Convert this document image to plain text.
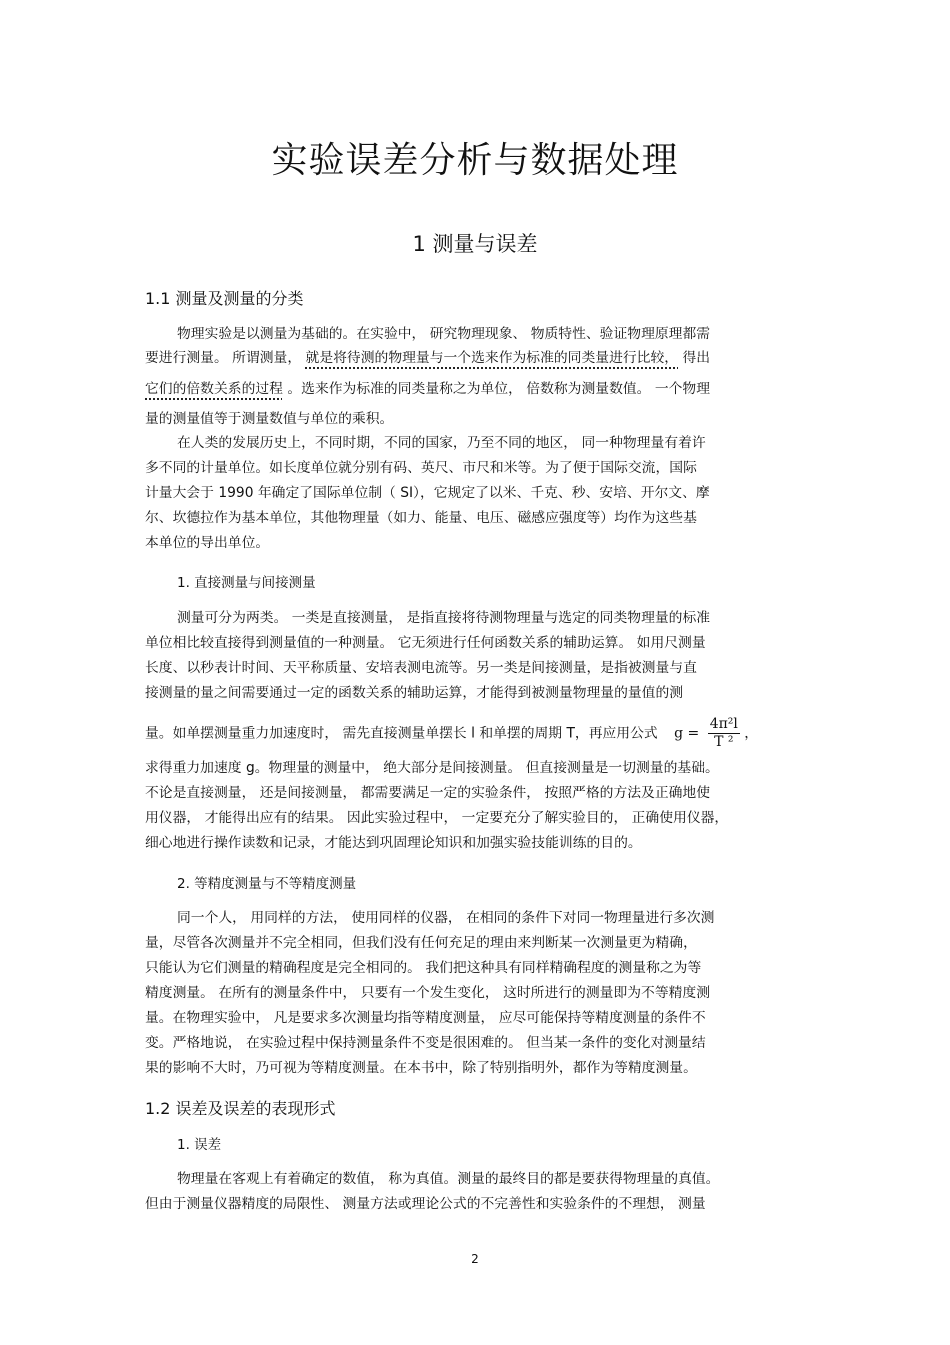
实验误差分析与数据处理
1 测量与误差
1.1 测量及测量的分类
物理实验是以测量为基础的。在实验中， 研究物理现象、 物质特性、验证物理原理都需
要进行测量。 所谓测量， 就是将待测的物理量与一个选来作为标准的同类量进行比较， 得出
它们的倍数关系的过程 。选来作为标准的同类量称之为单位， 倍数称为测量数值。 一个物理
量的测量值等于测量数值与单位的乘积。
在人类的发展历史上，不同时期，不同的国家，乃至不同的地区， 同一种物理量有着许
多不同的计量单位。如长度单位就分别有码、英尺、市尺和米等。为了便于国际交流，国际
计量大会于 1990 年确定了国际单位制（ SI），它规定了以米、千克、秒、安培、开尔文、摩
尔、坎德拉作为基本单位，其他物理量（如力、能量、电压、磁感应强度等）均作为这些基
本单位的导出单位。
1. 直接测量与间接测量
测量可分为两类。 一类是直接测量， 是指直接将待测物理量与选定的同类物理量的标准
单位相比较直接得到测量值的一种测量。 它无须进行任何函数关系的辅助运算。 如用尺测量
长度、以秒表计时间、天平称质量、安培表测电流等。另一类是间接测量，是指被测量与直
接测量的量之间需要通过一定的函数关系的辅助运算，才能得到被测量物理量的量值的测
量。如单摆测量重力加速度时， 需先直接测量单摆长 l 和单摆的周期 T，再应用公式 $g = \frac{\text{4π²l}}{\text{T ²}}$ ，
求得重力加速度 g。物理量的测量中， 绝大部分是间接测量。 但直接测量是一切测量的基础。
不论是直接测量， 还是间接测量， 都需要满足一定的实验条件， 按照严格的方法及正确地使
用仪器， 才能得出应有的结果。 因此实验过程中， 一定要充分了解实验目的， 正确使用仪器，
细心地进行操作读数和记录，才能达到巩固理论知识和加强实验技能训练的目的。
2. 等精度测量与不等精度测量
同一个人， 用同样的方法， 使用同样的仪器， 在相同的条件下对同一物理量进行多次测
量，尽管各次测量并不完全相同，但我们没有任何充足的理由来判断某一次测量更为精确，
只能认为它们测量的精确程度是完全相同的。 我们把这种具有同样精确程度的测量称之为等
精度测量。 在所有的测量条件中， 只要有一个发生变化， 这时所进行的测量即为不等精度测
量。在物理实验中， 凡是要求多次测量均指等精度测量， 应尽可能保持等精度测量的条件不
变。严格地说， 在实验过程中保持测量条件不变是很困难的。 但当某一条件的变化对测量结
果的影响不大时，乃可视为等精度测量。在本书中，除了特别指明外，都作为等精度测量。
1.2 误差及误差的表现形式
1. 误差
物理量在客观上有着确定的数值， 称为真值。测量的最终目的都是要获得物理量的真值。
但由于测量仪器精度的局限性、 测量方法或理论公式的不完善性和实验条件的不理想， 测量
2
